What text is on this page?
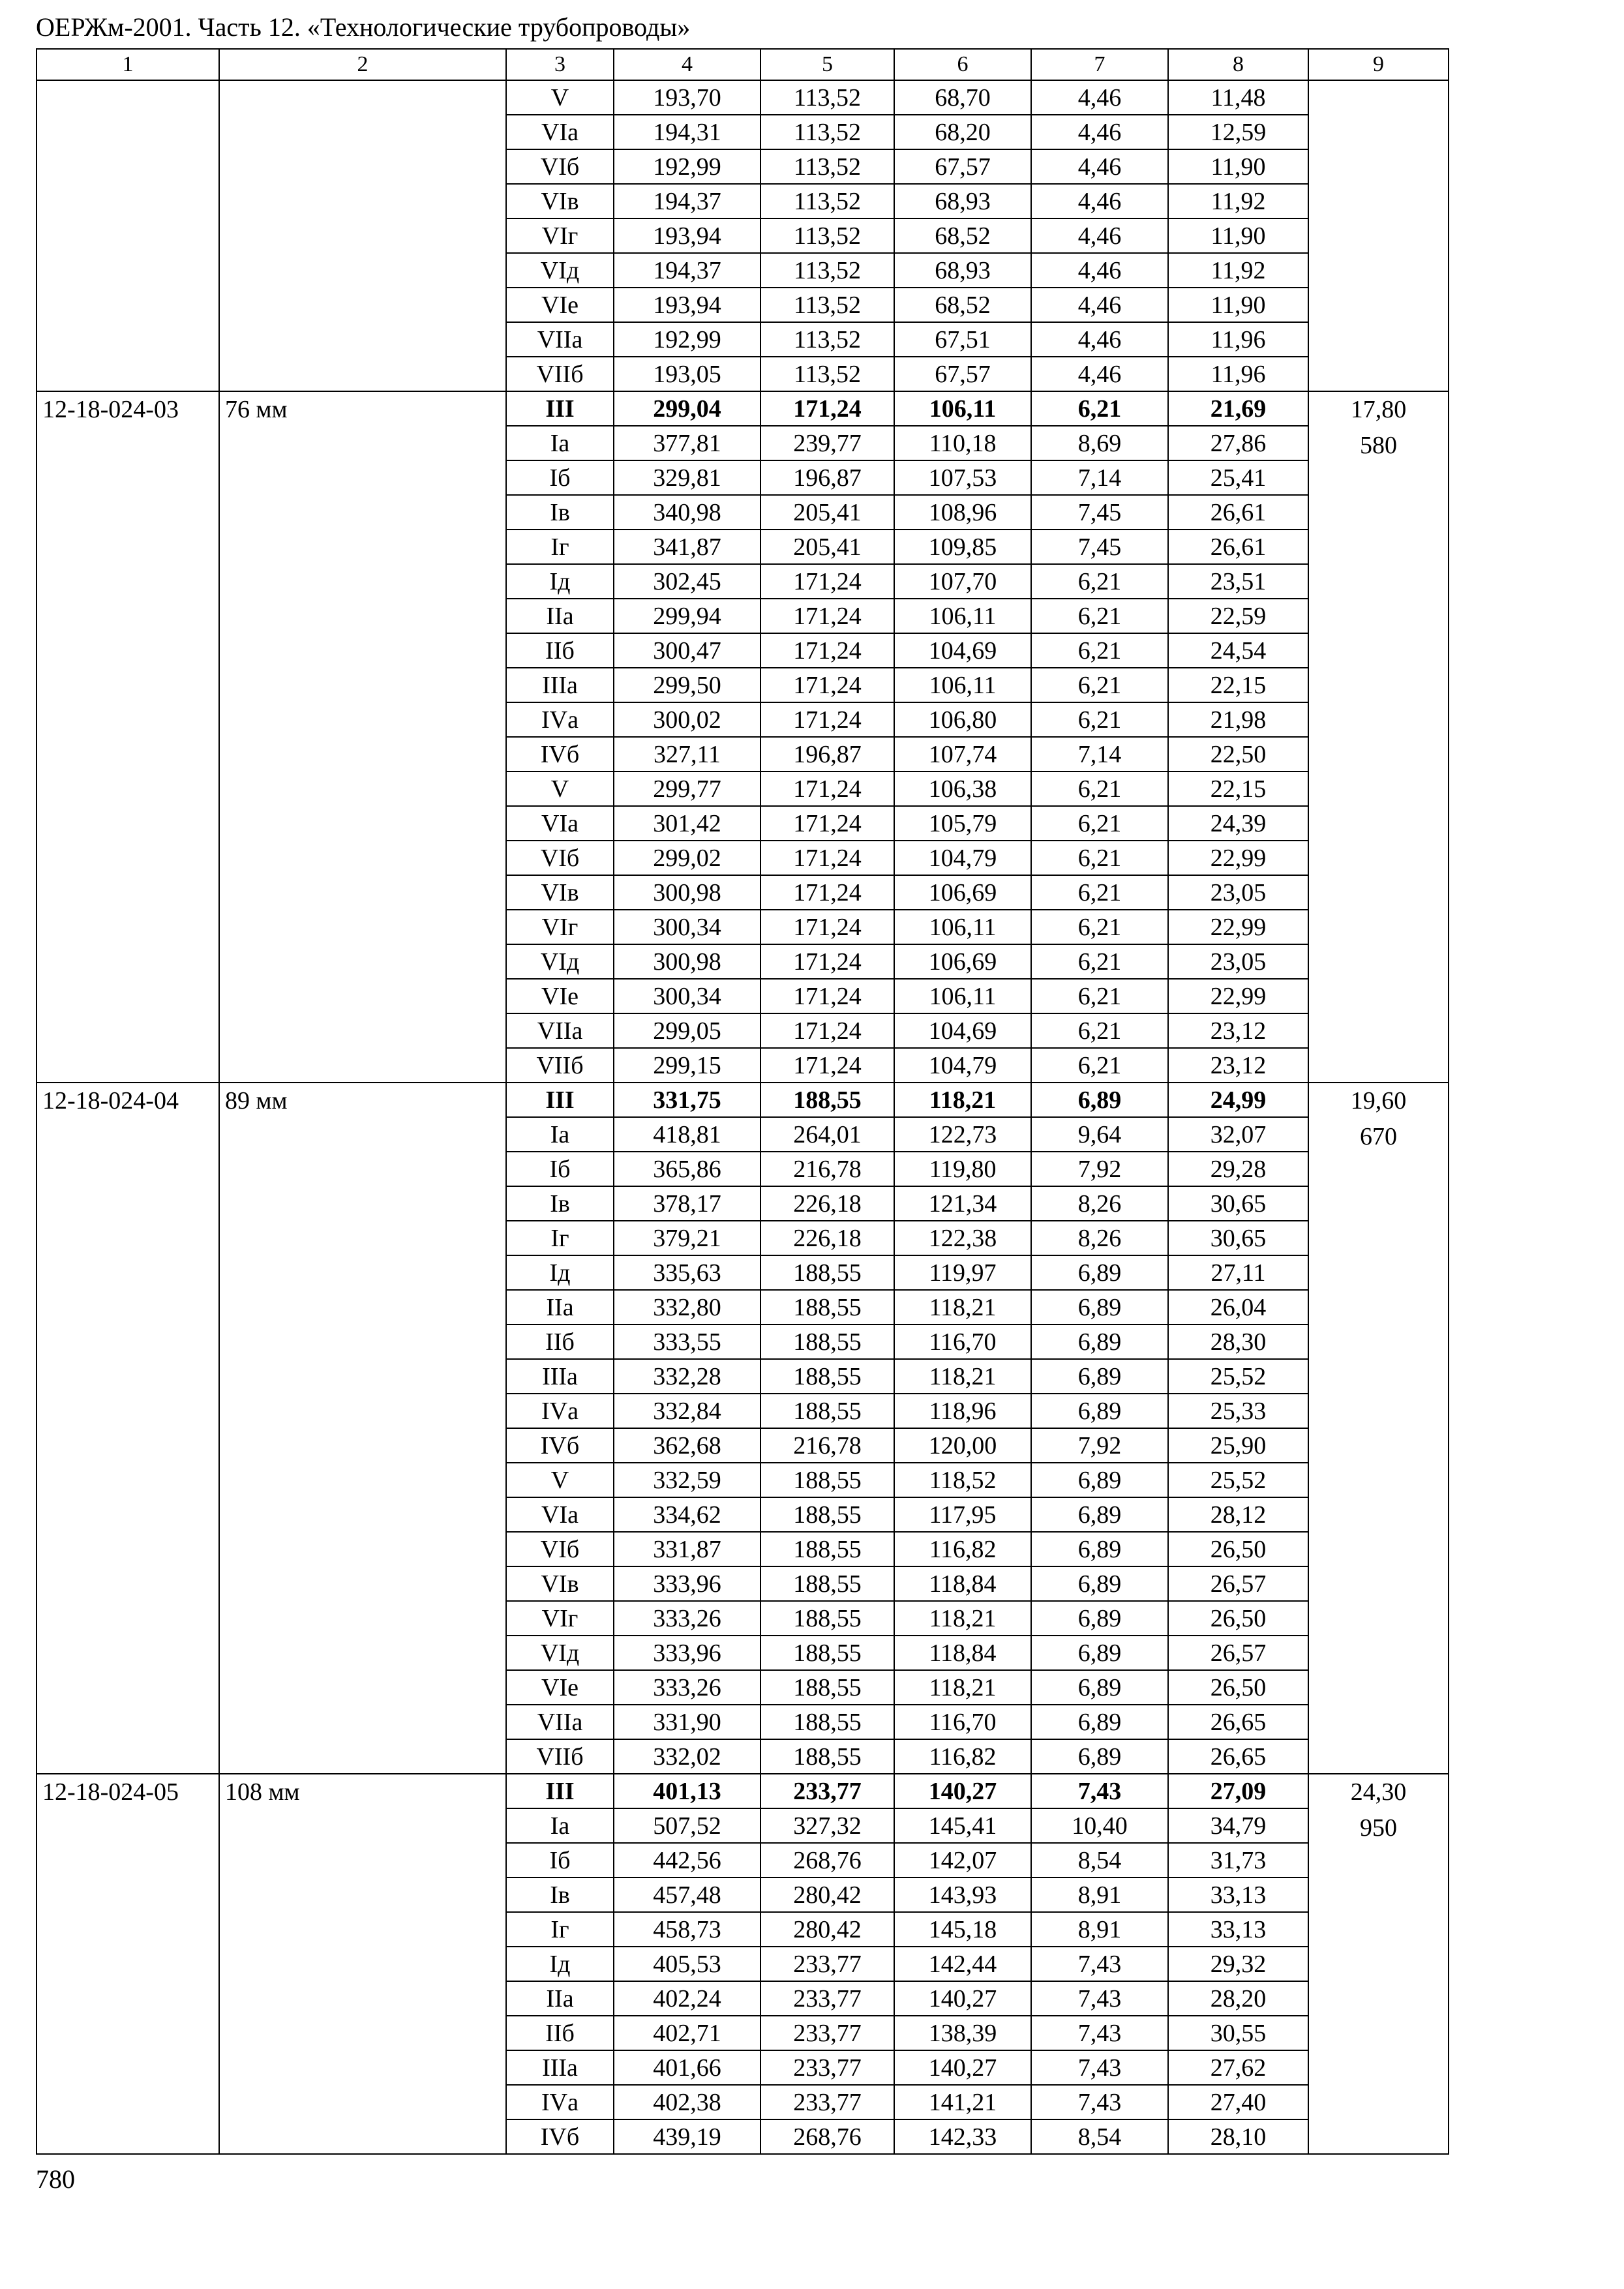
ОЕРЖм-2001. Часть 12. «Технологические трубопроводы»
1	2	3	4	5	6	7	8	9
		V	193,70	113,52	68,70	4,46	11,48	

		VIа	194,31	113,52	68,20	4,46	12,59	
		VIб	192,99	113,52	67,57	4,46	11,90	
		VIв	194,37	113,52	68,93	4,46	11,92	
		VIг	193,94	113,52	68,52	4,46	11,90	
		VIд	194,37	113,52	68,93	4,46	11,92	
		VIе	193,94	113,52	68,52	4,46	11,90	
		VIIа	192,99	113,52	67,51	4,46	11,96	
		VIIб	193,05	113,52	67,57	4,46	11,96	
12-18-024-03	76 мм	III	299,04	171,24	106,11	6,21	21,69	17,80
580

		Iа	377,81	239,77	110,18	8,69	27,86	
		Iб	329,81	196,87	107,53	7,14	25,41	
		Iв	340,98	205,41	108,96	7,45	26,61	
		Iг	341,87	205,41	109,85	7,45	26,61	
		Iд	302,45	171,24	107,70	6,21	23,51	
		IIа	299,94	171,24	106,11	6,21	22,59	
		IIб	300,47	171,24	104,69	6,21	24,54	
		IIIа	299,50	171,24	106,11	6,21	22,15	
		IVа	300,02	171,24	106,80	6,21	21,98	
		IVб	327,11	196,87	107,74	7,14	22,50	
		V	299,77	171,24	106,38	6,21	22,15	
		VIа	301,42	171,24	105,79	6,21	24,39	
		VIб	299,02	171,24	104,79	6,21	22,99	
		VIв	300,98	171,24	106,69	6,21	23,05	
		VIг	300,34	171,24	106,11	6,21	22,99	
		VIд	300,98	171,24	106,69	6,21	23,05	
		VIе	300,34	171,24	106,11	6,21	22,99	
		VIIа	299,05	171,24	104,69	6,21	23,12	
		VIIб	299,15	171,24	104,79	6,21	23,12	
12-18-024-04	89 мм	III	331,75	188,55	118,21	6,89	24,99	19,60
670

		Iа	418,81	264,01	122,73	9,64	32,07	
		Iб	365,86	216,78	119,80	7,92	29,28	
		Iв	378,17	226,18	121,34	8,26	30,65	
		Iг	379,21	226,18	122,38	8,26	30,65	
		Iд	335,63	188,55	119,97	6,89	27,11	
		IIа	332,80	188,55	118,21	6,89	26,04	
		IIб	333,55	188,55	116,70	6,89	28,30	
		IIIа	332,28	188,55	118,21	6,89	25,52	
		IVа	332,84	188,55	118,96	6,89	25,33	
		IVб	362,68	216,78	120,00	7,92	25,90	
		V	332,59	188,55	118,52	6,89	25,52	
		VIа	334,62	188,55	117,95	6,89	28,12	
		VIб	331,87	188,55	116,82	6,89	26,50	
		VIв	333,96	188,55	118,84	6,89	26,57	
		VIг	333,26	188,55	118,21	6,89	26,50	
		VIд	333,96	188,55	118,84	6,89	26,57	
		VIе	333,26	188,55	118,21	6,89	26,50	
		VIIа	331,90	188,55	116,70	6,89	26,65	
		VIIб	332,02	188,55	116,82	6,89	26,65	
12-18-024-05	108 мм	III	401,13	233,77	140,27	7,43	27,09	24,30
950

		Iа	507,52	327,32	145,41	10,40	34,79	
		Iб	442,56	268,76	142,07	8,54	31,73	
		Iв	457,48	280,42	143,93	8,91	33,13	
		Iг	458,73	280,42	145,18	8,91	33,13	
		Iд	405,53	233,77	142,44	7,43	29,32	
		IIа	402,24	233,77	140,27	7,43	28,20	
		IIб	402,71	233,77	138,39	7,43	30,55	
		IIIа	401,66	233,77	140,27	7,43	27,62	
		IVа	402,38	233,77	141,21	7,43	27,40	
		IVб	439,19	268,76	142,33	8,54	28,10	
780
